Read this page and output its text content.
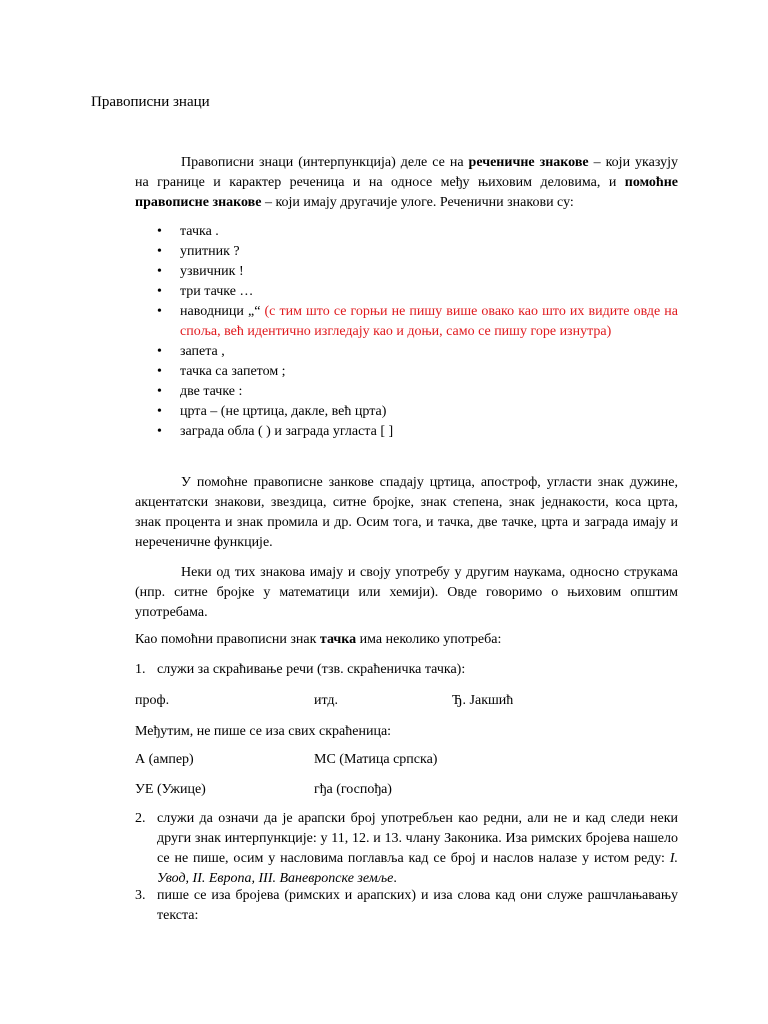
Правописни знаци
Правописни знаци (интерпункција) деле се на реченичне знакове – који указују на границе и карактер реченица и на односе међу њиховим деловима, и помоћне правописне знакове – који имају другачије улоге. Реченични знакови су:
• тачка .
• упитник ?
• узвичник !
• три тачке …
• наводници „“ (с тим што се горњи не пишу више овако као што их видите овде на спољa, већ идентично изгледају као и доњи, само се пишу горе изнутра)
• запета ,
• тачка са запетом ;
• две тачке :
• црта – (не цртица, дакле, већ црта)
• заграда обла ( ) и заграда угласта [ ]
У помоћне правописне занкове спадају цртица, апостроф, угласти знак дужине, акцентатски знакови, звездица, ситне бројке, знак степена, знак једнакости, коса црта, знак процента и знак промила и др. Осим тога, и тачка, две тачке, црта и заграда имају и нереченичне функције.
Неки од тих знакова имају и своју употребу у другим наукама, односно струкама (нпр. ситне бројке у математици или хемији). Овде говоримо о њиховим општим употребама.
Као помоћни правописни знак тачка има неколико употреба:
1. служи за скраћивање речи (тзв. скраћеничка тачка):
проф.	итд.	Ђ. Јакшић
Међутим, не пише се иза свих скраћеница:
А (ампер)	МС (Матица српска)
УЕ (Ужице)	гђа (госпођа)
2. служи да означи да је арапски број употребљен као редни, али не и кад следи неки други знак интерпункције: у 11, 12. и 13. члану Законика. Иза римских бројева нашело се не пише, осим у насловима поглавља кад се број и наслов налазе у истом реду: I. Увод, II. Европа, III. Ваневропске земље.
3. пише се иза бројева (римских и арапских) и иза слова кад они служе рашчлањавању текста:
